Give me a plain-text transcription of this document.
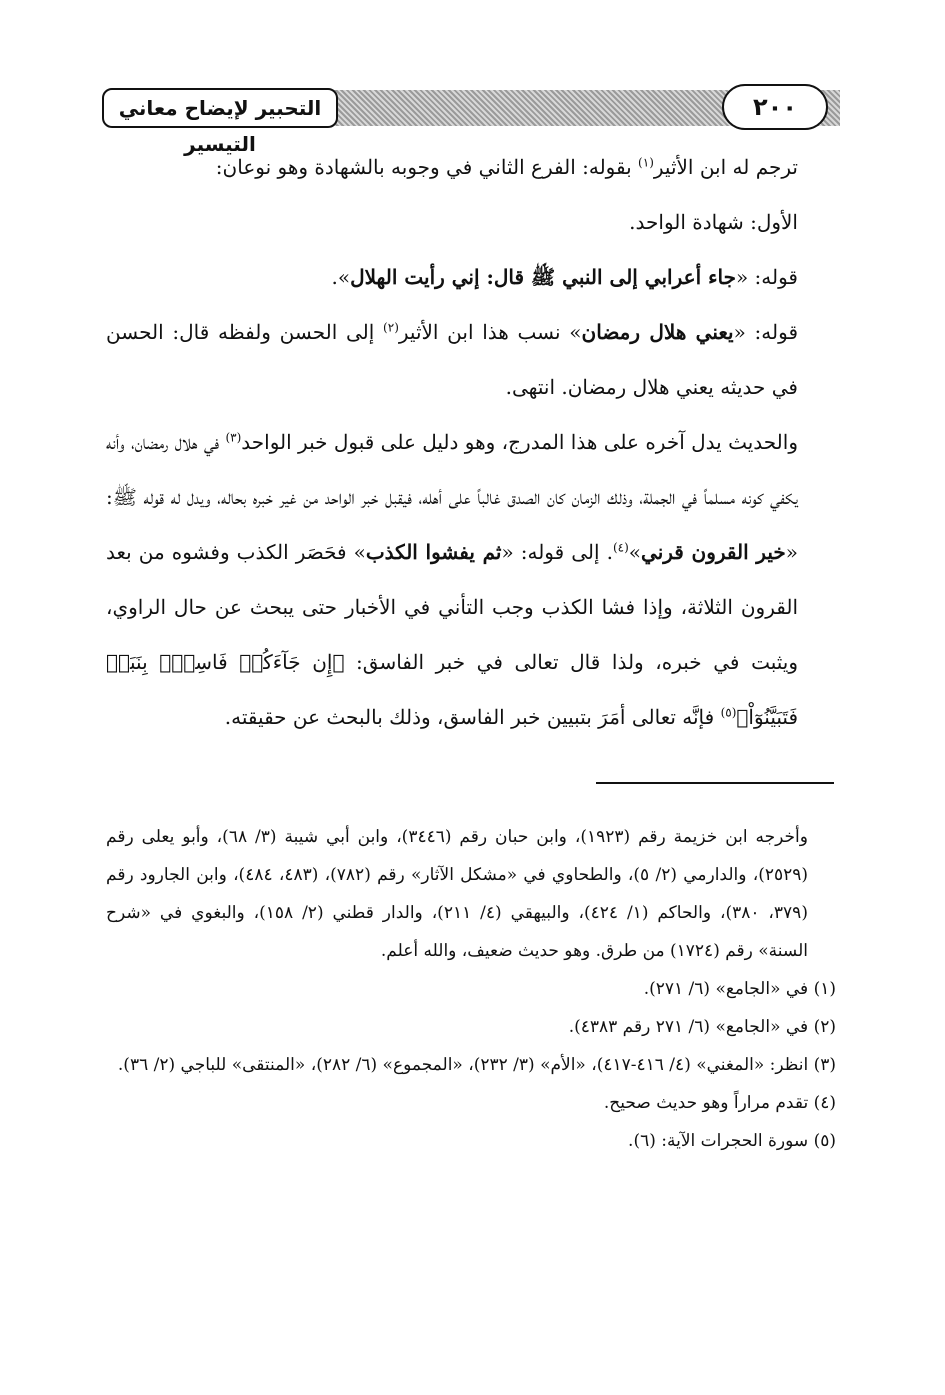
٢٠٠
التحبير لإيضاح معاني التيسير

ترجم له ابن الأثير$^{(١)}$ بقوله: الفرع الثاني في وجوبه بالشهادة وهو نوعان:

الأول: شهادة الواحد.

قوله: «جاء أعرابي إلى النبي ﷺ قال: إني رأيت الهلال».

قوله: «يعني هلال رمضان» نسب هذا ابن الأثير$^{(٢)}$ إلى الحسن ولفظه قال: الحسن في حديثه يعني هلال رمضان. انتهى.

والحديث يدل آخره على هذا المدرج، وهو دليل على قبول خبر الواحد$^{(٣)}$ في هلال رمضان، وأنه يكفي كونه مسلماً في الجملة، وذلك الزمان كان الصدق غالباً على أهله، فيقبل خبر الواحد من غير خبره بحاله، ويدل له قوله ﷺ: «خير القرون قرني»$^{(٤)}$. إلى قوله: «ثم يفشوا الكذب» فحَصَر الكذب وفشوه من بعد القرون الثلاثة، وإذا فشا الكذب وجب التأني في الأخبار حتى يبحث عن حال الراوي، ويثبت في خبره، ولذا قال تعالى في خبر الفاسق: ﴿إِن جَآءَكُمۡ فَاسِقُۢ بِنَبَإٖ فَتَبَيَّنُوٓاْ﴾$^{(٥)}$ فإنَّه تعالى أمَرَ بتبيين خبر الفاسق، وذلك بالبحث عن حقيقته.

وأخرجه ابن خزيمة رقم (١٩٢٣)، وابن حبان رقم (٣٤٤٦)، وابن أبي شيبة (٣/ ٦٨)، وأبو يعلى رقم (٢٥٢٩)، والدارمي (٢/ ٥)، والطحاوي في «مشكل الآثار» رقم (٧٨٢)، (٤٨٣، ٤٨٤)، وابن الجارود رقم (٣٧٩، ٣٨٠)، والحاكم (١/ ٤٢٤)، والبيهقي (٤/ ٢١١)، والدار قطني (٢/ ١٥٨)، والبغوي في «شرح السنة» رقم (١٧٢٤) من طرق. وهو حديث ضعيف، والله أعلم.

(١) في «الجامع» (٦/ ٢٧١).

(٢) في «الجامع» (٦/ ٢٧١ رقم ٤٣٨٣).

(٣) انظر: «المغني» (٤/ ٤١٦-٤١٧)، «الأم» (٣/ ٢٣٢)، «المجموع» (٦/ ٢٨٢)، «المنتقى» للباجي (٢/ ٣٦).

(٤) تقدم مراراً وهو حديث صحيح.

(٥) سورة الحجرات الآية: (٦).
